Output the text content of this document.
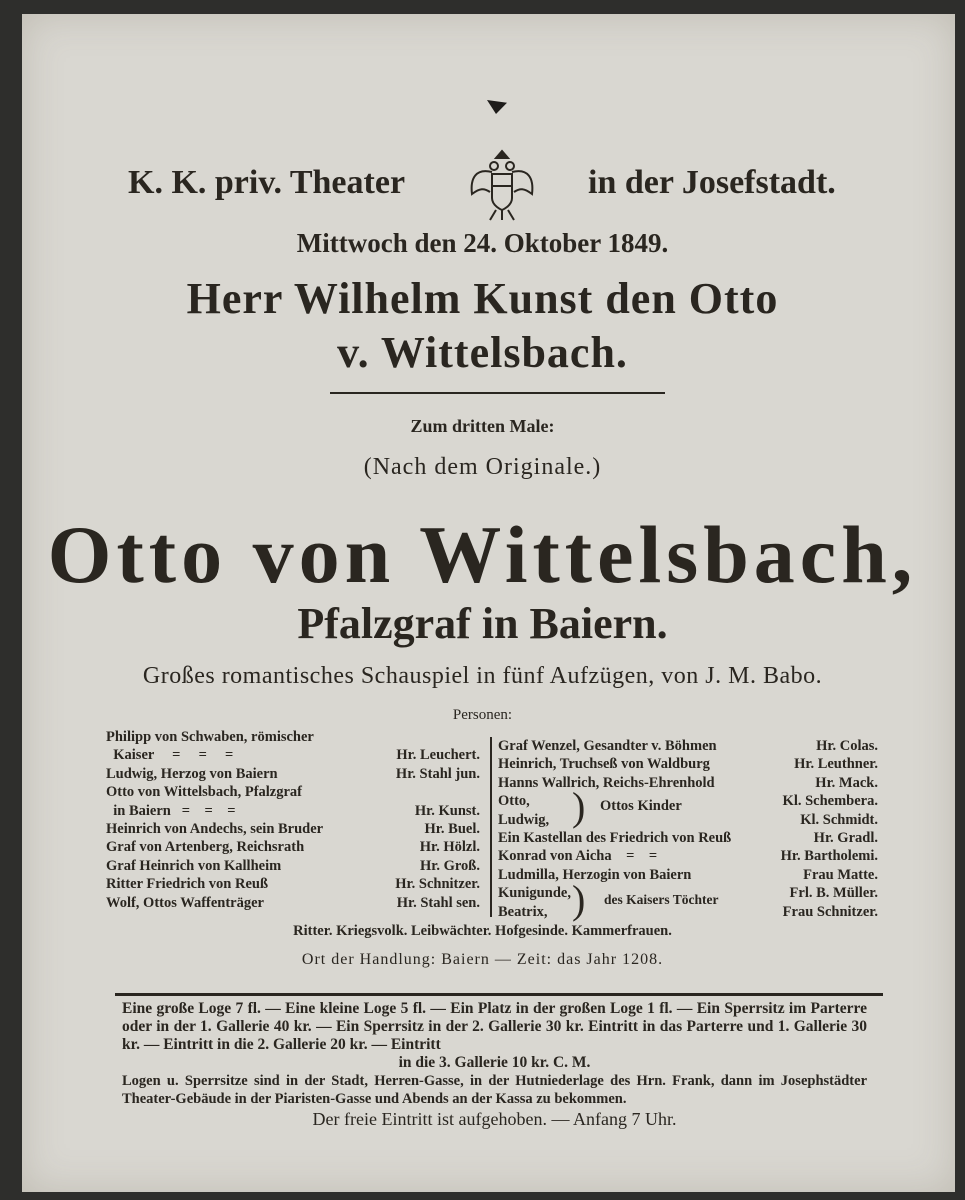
K. K. priv. Theater	in der Josefstadt.
Mittwoch den 24. Oktober 1849.
Herr Wilhelm Kunst den Otto
v. Wittelsbach.
Zum dritten Male:
(Nach dem Originale.)
Otto von Wittelsbach,
Pfalzgraf in Baiern.
Großes romantisches Schauspiel in fünf Aufzügen, von J. M. Babo.
Personen:
Philipp von Schwaben, römischer
Kaiser     =     =     =	Hr. Leuchert.
Ludwig, Herzog von Baiern	Hr. Stahl jun.
Otto von Wittelsbach, Pfalzgraf
in Baiern   =    =    =	Hr. Kunst.
Heinrich von Andechs, sein Bruder	Hr. Buel.
Graf von Artenberg, Reichsrath	Hr. Hölzl.
Graf Heinrich von Kallheim	Hr. Groß.
Ritter Friedrich von Reuß	Hr. Schnitzer.
Wolf, Ottos Waffenträger	Hr. Stahl sen.
Graf Wenzel, Gesandter v. Böhmen	Hr. Colas.
Heinrich, Truchseß von Waldburg	Hr. Leuthner.
Hanns Wallrich, Reichs-Ehrenhold	Hr. Mack.
Otto,	Kl. Schembera.
Ludwig,	Kl. Schmidt.
Ein Kastellan des Friedrich von Reuß	Hr. Gradl.
Konrad von Aicha    =    =	Hr. Bartholemi.
Ludmilla, Herzogin von Baiern	Frau Matte.
Kunigunde,	Frl. B. Müller.
Beatrix,	Frau Schnitzer.
) Ottos Kinder
) des Kaisers Töchter
Ritter. Kriegsvolk. Leibwächter. Hofgesinde. Kammerfrauen.
Ort der Handlung: Baiern — Zeit: das Jahr 1208.

Eine große Loge 7 fl. — Eine kleine Loge 5 fl. — Ein Platz in der großen Loge 1 fl. — Ein Sperrsitz im Parterre oder in der 1. Gallerie 40 kr. — Ein Sperrsitz in der 2. Gallerie 30 kr. Eintritt in das Parterre und 1. Gallerie 30 kr. — Eintritt in die 2. Gallerie 20 kr. — Eintritt

in die 3. Gallerie 10 kr. C. M.

Logen u. Sperrsitze sind in der Stadt, Herren-Gasse, in der Hutniederlage des Hrn. Frank, dann im Josephstädter Theater-Gebäude in der Piaristen-Gasse und Abends an der Kassa zu bekommen.

Der freie Eintritt ist aufgehoben. — Anfang 7 Uhr.
